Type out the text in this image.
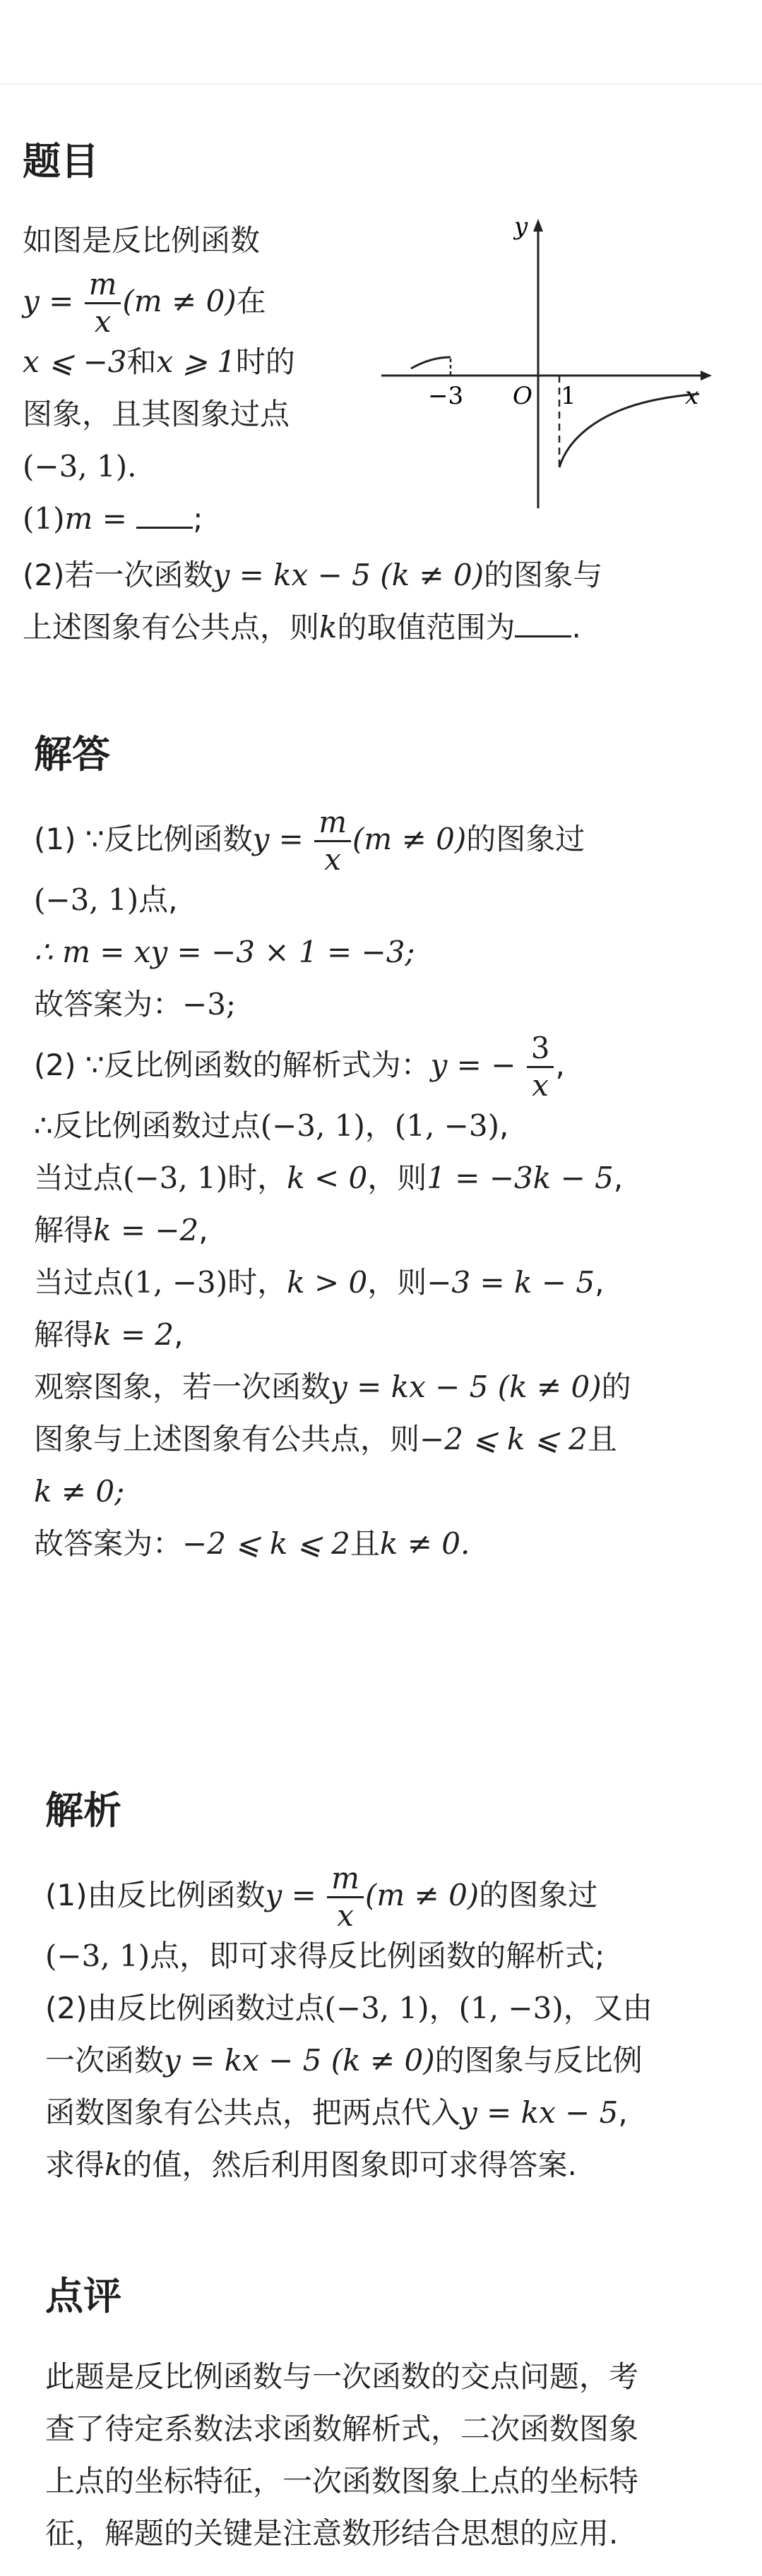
题目
如图是反比例函数
$y = \frac{m}{x} (m \ne 0)$在
x ⩽ −3和x ⩾ 1时的
图象，且其图象过点
(−3, 1).
(1)m = ;
(2)若一次函数y = kx − 5 (k ≠ 0)的图象与
上述图象有公共点，则k的取值范围为 .
y
x
O
−3	1
解答
(1) ∵反比例函数$y = \frac{m}{x} (m \ne 0)$的图象过
(−3, 1)点,
∴ m = xy = −3 × 1 = −3;
故答案为：−3;
(2) ∵反比例函数的解析式为：y = − $\frac{3}{x}$ ,
∴反比例函数过点(−3, 1)，(1, −3),
当过点(−3, 1)时，k < 0，则1 = −3k − 5,
解得k = −2,
当过点(1, −3)时，k > 0，则−3 = k − 5,
解得k = 2,
观察图象，若一次函数y = kx − 5 (k ≠ 0)的
图象与上述图象有公共点，则−2 ⩽ k ⩽ 2且
k ≠ 0;
故答案为：−2 ⩽ k ⩽ 2且k ≠ 0.
解析
(1)由反比例函数$y = \frac{m}{x} (m \ne 0)$的图象过
(−3, 1)点，即可求得反比例函数的解析式;
(2)由反比例函数过点(−3, 1)，(1, −3)，又由
一次函数y = kx − 5 (k ≠ 0)的图象与反比例
函数图象有公共点，把两点代入y = kx − 5,
求得k的值，然后利用图象即可求得答案.
点评
此题是反比例函数与一次函数的交点问题，考
查了待定系数法求函数解析式，二次函数图象
上点的坐标特征，一次函数图象上点的坐标特
征，解题的关键是注意数形结合思想的应用.
